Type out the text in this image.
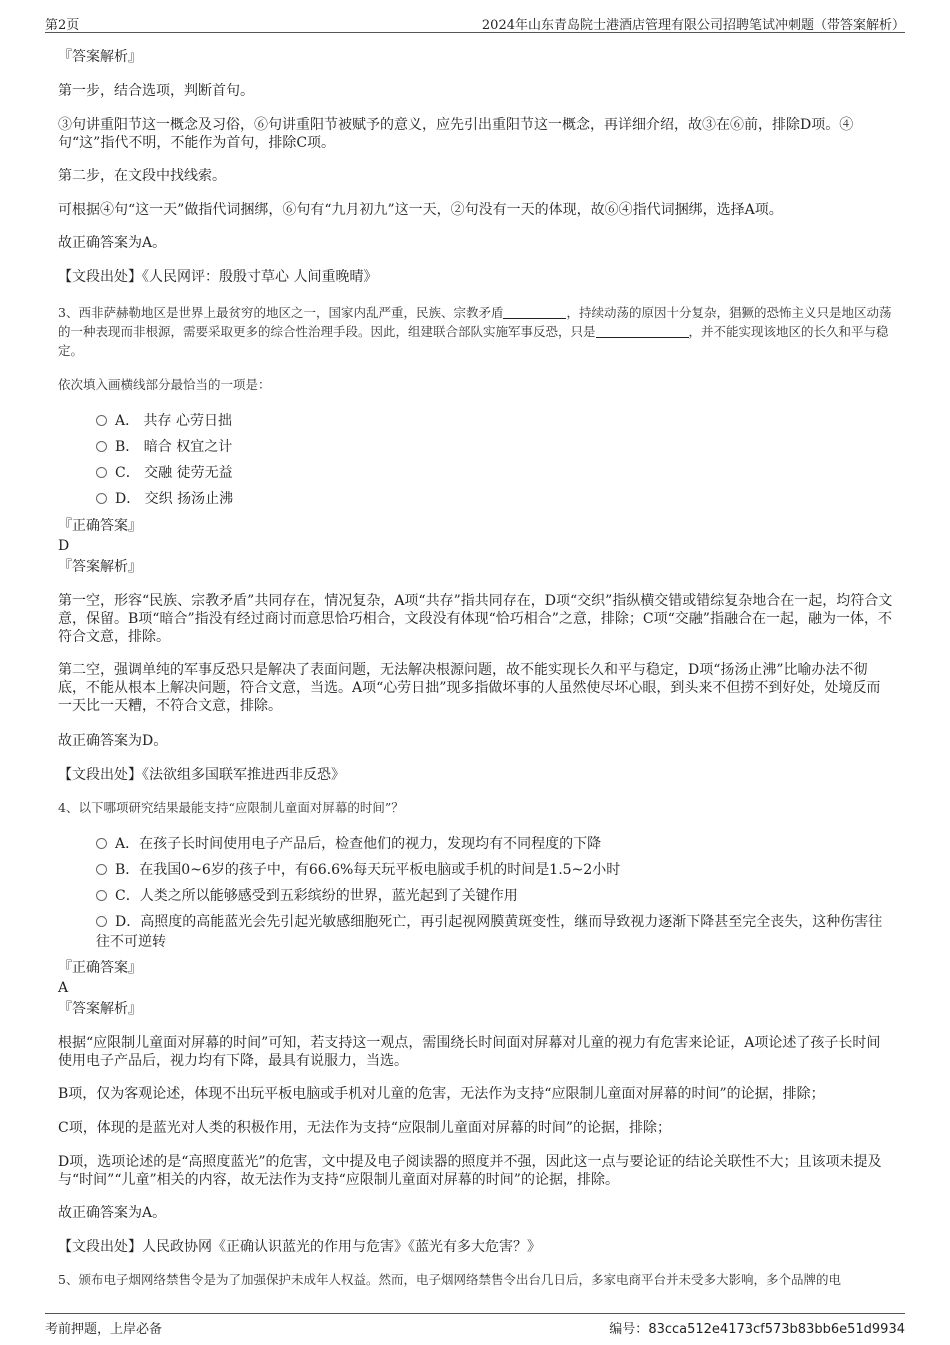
第2页	2024年山东青岛院士港酒店管理有限公司招聘笔试冲刺题（带答案解析）
『答案解析』
第一步，结合选项，判断首句。
③句讲重阳节这一概念及习俗，⑥句讲重阳节被赋予的意义，应先引出重阳节这一概念，再详细介绍，故③在⑥前，排除D项。④句“这”指代不明，不能作为首句，排除C项。
第二步，在文段中找线索。
可根据④句“这一天”做指代词捆绑，⑥句有“九月初九”这一天，②句没有一天的体现，故⑥④指代词捆绑，选择A项。
故正确答案为A。
【文段出处】《人民网评：殷殷寸草心 人间重晚晴》
3、西非萨赫勒地区是世界上最贫穷的地区之一，国家内乱严重，民族、宗教矛盾	，持续动荡的原因十分复杂，猖獗的恐怖主义只是地区动荡的一种表现而非根源，需要采取更多的综合性治理手段。因此，组建联合部队实施军事反恐，只是	，并不能实现该地区的长久和平与稳定。
依次填入画横线部分最恰当的一项是：
A． 共存 心劳日拙
B． 暗合 权宜之计
C． 交融 徒劳无益
D． 交织 扬汤止沸
『正确答案』
D
『答案解析』
第一空，形容“民族、宗教矛盾”共同存在，情况复杂，A项“共存”指共同存在，D项“交织”指纵横交错或错综复杂地合在一起，均符合文意，保留。B项“暗合”指没有经过商讨而意思恰巧相合，文段没有体现“恰巧相合”之意，排除；C项“交融”指融合在一起，融为一体，不符合文意，排除。
第二空，强调单纯的军事反恐只是解决了表面问题，无法解决根源问题，故不能实现长久和平与稳定，D项“扬汤止沸”比喻办法不彻底，不能从根本上解决问题，符合文意，当选。A项“心劳日拙”现多指做坏事的人虽然使尽坏心眼，到头来不但捞不到好处，处境反而一天比一天糟，不符合文意，排除。
故正确答案为D。
【文段出处】《法欲组多国联军推进西非反恐》
4、以下哪项研究结果最能支持“应限制儿童面对屏幕的时间”？
A．在孩子长时间使用电子产品后，检查他们的视力，发现均有不同程度的下降
B．在我国0~6岁的孩子中，有66.6%每天玩平板电脑或手机的时间是1.5~2小时
C．人类之所以能够感受到五彩缤纷的世界，蓝光起到了关键作用
D．高照度的高能蓝光会先引起光敏感细胞死亡，再引起视网膜黄斑变性，继而导致视力逐渐下降甚至完全丧失，这种伤害往往不可逆转
『正确答案』
A
『答案解析』
根据“应限制儿童面对屏幕的时间”可知，若支持这一观点，需围绕长时间面对屏幕对儿童的视力有危害来论证，A项论述了孩子长时间使用电子产品后，视力均有下降，最具有说服力，当选。
B项，仅为客观论述，体现不出玩平板电脑或手机对儿童的危害，无法作为支持“应限制儿童面对屏幕的时间”的论据，排除；
C项，体现的是蓝光对人类的积极作用，无法作为支持“应限制儿童面对屏幕的时间”的论据，排除；
D项，选项论述的是“高照度蓝光”的危害，文中提及电子阅读器的照度并不强，因此这一点与要论证的结论关联性不大；且该项未提及与“时间”“儿童”相关的内容，故无法作为支持“应限制儿童面对屏幕的时间”的论据，排除。
故正确答案为A。
【文段出处】人民政协网《正确认识蓝光的作用与危害》《蓝光有多大危害？》
5、颁布电子烟网络禁售令是为了加强保护未成年人权益。然而，电子烟网络禁售令出台几日后，多家电商平台并未受多大影响，多个品牌的电
考前押题，上岸必备	编号：83cca512e4173cf573b83bb6e51d9934
